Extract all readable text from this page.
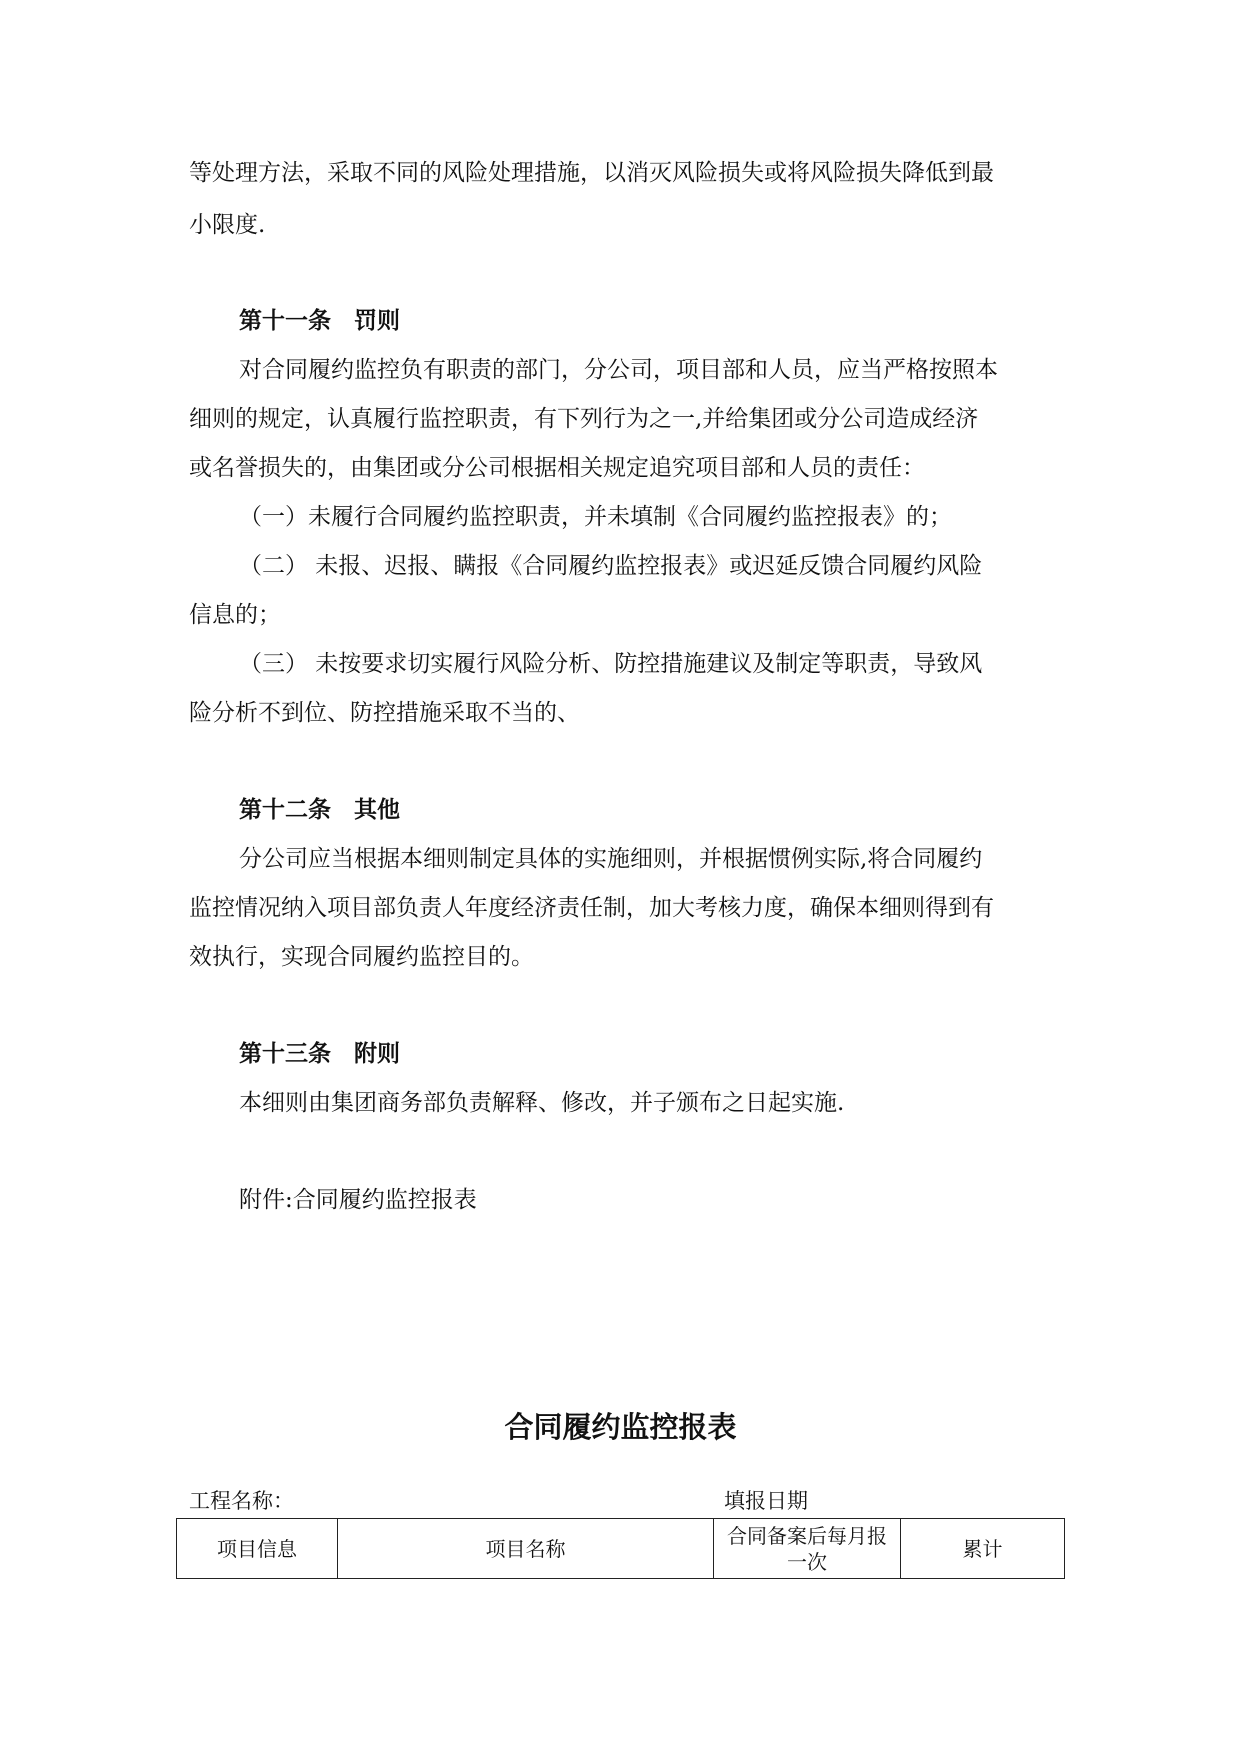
等处理方法，采取不同的风险处理措施，以消灭风险损失或将风险损失降低到最

小限度.

第十一条　罚则

对合同履约监控负有职责的部门，分公司，项目部和人员，应当严格按照本

细则的规定，认真履行监控职责，有下列行为之一,并给集团或分公司造成经济

或名誉损失的，由集团或分公司根据相关规定追究项目部和人员的责任：

（一）未履行合同履约监控职责，并未填制《合同履约监控报表》的；

（二） 未报、迟报、瞒报《合同履约监控报表》或迟延反馈合同履约风险

信息的；

（三） 未按要求切实履行风险分析、防控措施建议及制定等职责，导致风

险分析不到位、防控措施采取不当的、

第十二条　其他

分公司应当根据本细则制定具体的实施细则，并根据惯例实际,将合同履约

监控情况纳入项目部负责人年度经济责任制，加大考核力度，确保本细则得到有

效执行，实现合同履约监控目的。

第十三条　附则

本细则由集团商务部负责解释、修改，并子颁布之日起实施.

附件:合同履约监控报表

合同履约监控报表
工程名称：	填报日期
项目信息	项目名称	合同备案后每月报一次	累计
